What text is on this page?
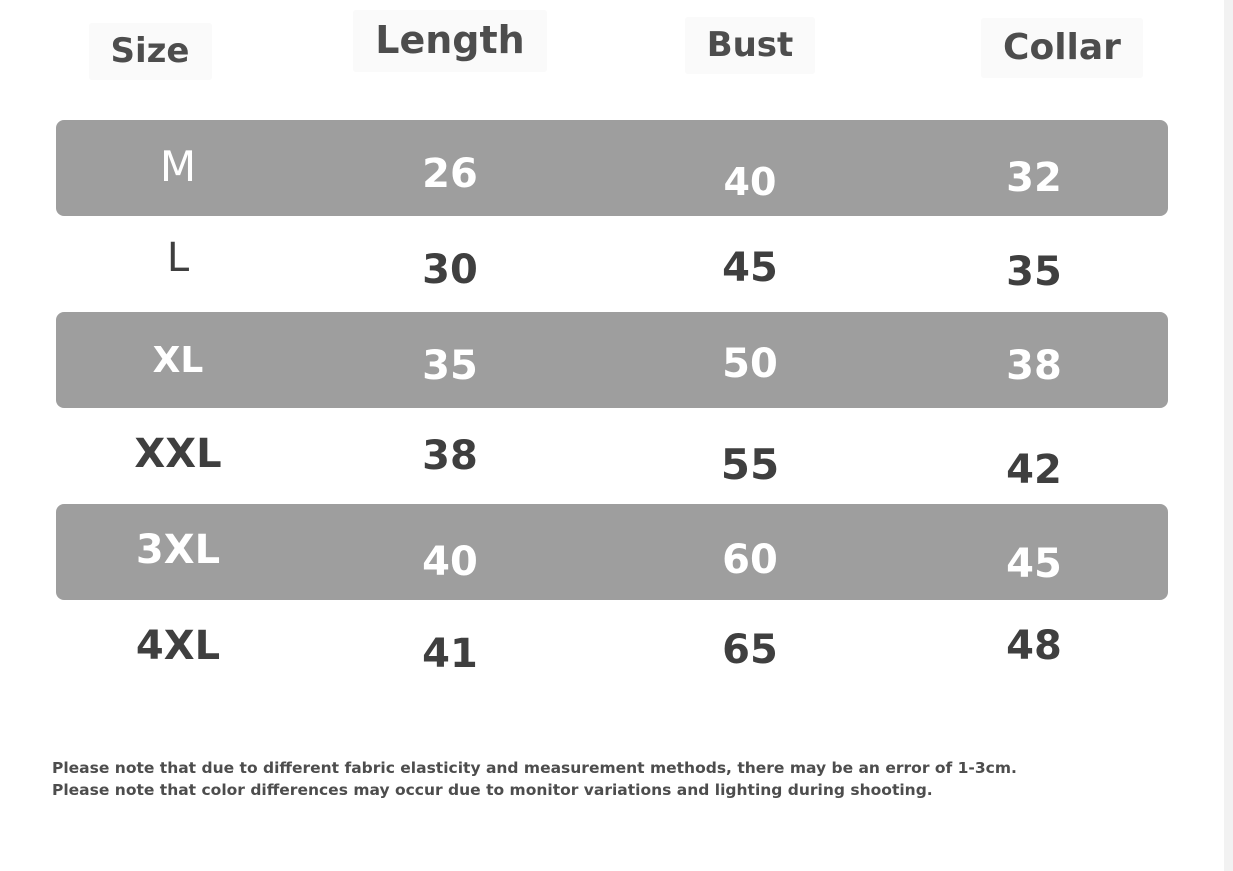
Size	Length	Bust	Collar
M	26	40	32
L	30	45	35
XL	35	50	38
XXL	38	55	42
3XL	40	60	45
4XL	41	65	48

Please note that due to different fabric elasticity and measurement methods, there may be an error of 1-3cm.

Please note that color differences may occur due to monitor variations and lighting during shooting.
